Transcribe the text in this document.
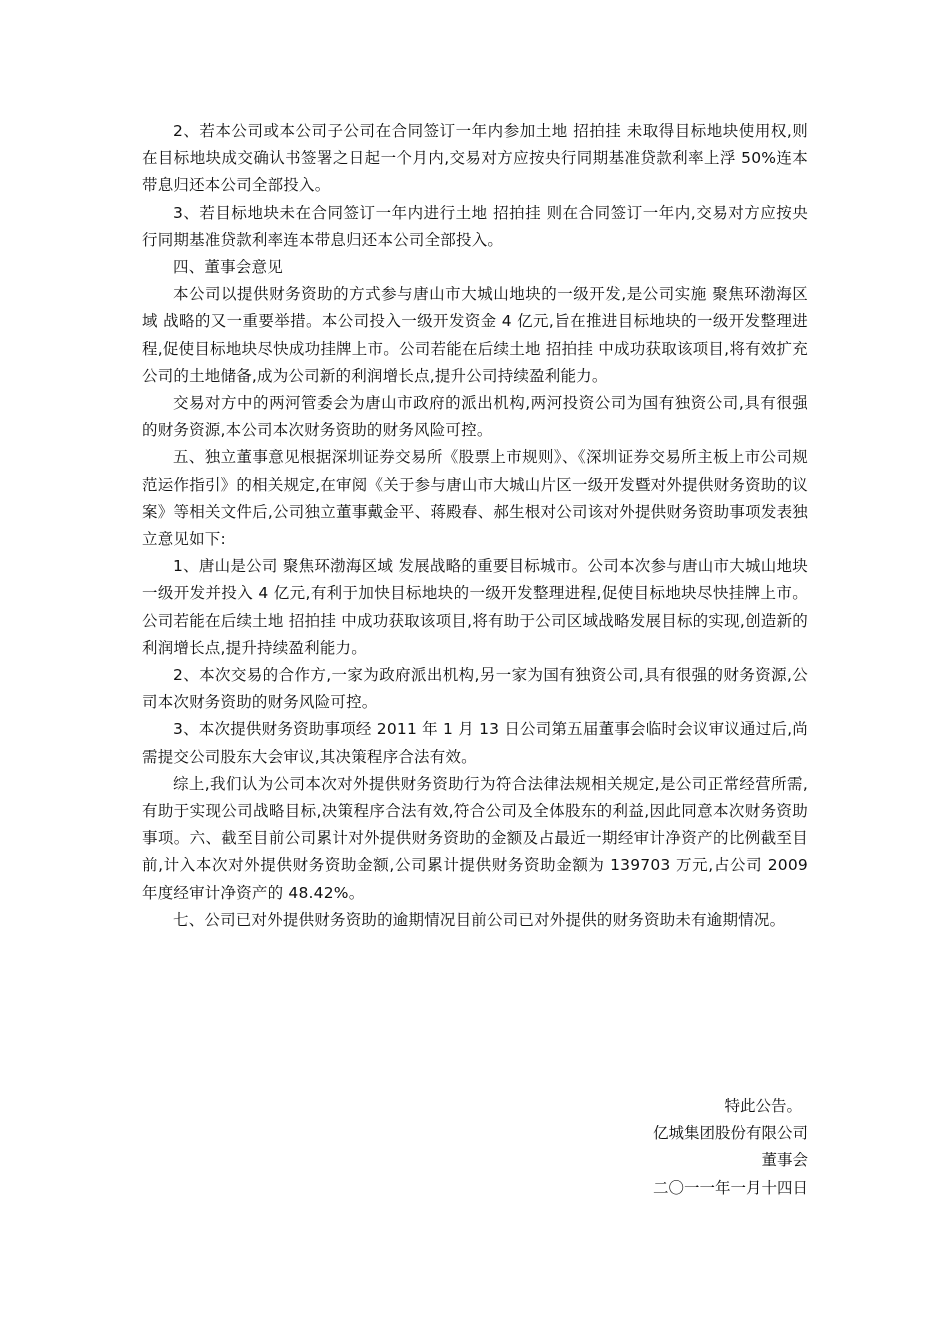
2、若本公司或本公司子公司在合同签订一年内参加土地 招拍挂 未取得目标地块使用权,则在目标地块成交确认书签署之日起一个月内,交易对方应按央行同期基准贷款利率上浮 50%连本带息归还本公司全部投入。

3、若目标地块未在合同签订一年内进行土地 招拍挂 则在合同签订一年内,交易对方应按央行同期基准贷款利率连本带息归还本公司全部投入。

四、董事会意见

本公司以提供财务资助的方式参与唐山市大城山地块的一级开发,是公司实施 聚焦环渤海区域 战略的又一重要举措。本公司投入一级开发资金 4 亿元,旨在推进目标地块的一级开发整理进程,促使目标地块尽快成功挂牌上市。公司若能在后续土地 招拍挂 中成功获取该项目,将有效扩充公司的土地储备,成为公司新的利润增长点,提升公司持续盈利能力。

交易对方中的两河管委会为唐山市政府的派出机构,两河投资公司为国有独资公司,具有很强的财务资源,本公司本次财务资助的财务风险可控。

五、独立董事意见根据深圳证券交易所《股票上市规则》、《深圳证券交易所主板上市公司规范运作指引》的相关规定,在审阅《关于参与唐山市大城山片区一级开发暨对外提供财务资助的议案》等相关文件后,公司独立董事戴金平、蒋殿春、郝生根对公司该对外提供财务资助事项发表独立意见如下:

1、唐山是公司 聚焦环渤海区域 发展战略的重要目标城市。公司本次参与唐山市大城山地块一级开发并投入 4 亿元,有利于加快目标地块的一级开发整理进程,促使目标地块尽快挂牌上市。公司若能在后续土地 招拍挂 中成功获取该项目,将有助于公司区域战略发展目标的实现,创造新的利润增长点,提升持续盈利能力。

2、本次交易的合作方,一家为政府派出机构,另一家为国有独资公司,具有很强的财务资源,公司本次财务资助的财务风险可控。

3、本次提供财务资助事项经 2011 年 1 月 13 日公司第五届董事会临时会议审议通过后,尚需提交公司股东大会审议,其决策程序合法有效。

综上,我们认为公司本次对外提供财务资助行为符合法律法规相关规定,是公司正常经营所需,有助于实现公司战略目标,决策程序合法有效,符合公司及全体股东的利益,因此同意本次财务资助事项。六、截至目前公司累计对外提供财务资助的金额及占最近一期经审计净资产的比例截至目前,计入本次对外提供财务资助金额,公司累计提供财务资助金额为 139703 万元,占公司 2009 年度经审计净资产的 48.42%。

七、公司已对外提供财务资助的逾期情况目前公司已对外提供的财务资助未有逾期情况。

特此公告。
亿城集团股份有限公司
董事会
二〇一一年一月十四日
